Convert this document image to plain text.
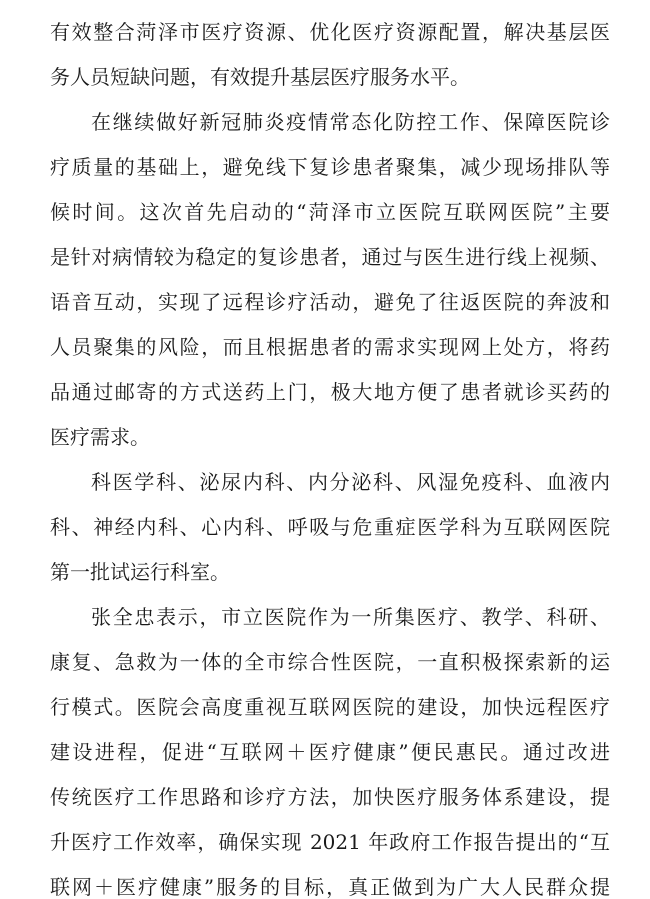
有效整合菏泽市医疗资源、优化医疗资源配置，解决基层医
务人员短缺问题，有效提升基层医疗服务水平。
在继续做好新冠肺炎疫情常态化防控工作、保障医院诊
疗质量的基础上，避免线下复诊患者聚集，减少现场排队等
候时间。这次首先启动的“菏泽市立医院互联网医院”主要
是针对病情较为稳定的复诊患者，通过与医生进行线上视频、
语音互动，实现了远程诊疗活动，避免了往返医院的奔波和
人员聚集的风险，而且根据患者的需求实现网上处方，将药
品通过邮寄的方式送药上门，极大地方便了患者就诊买药的
医疗需求。
科医学科、泌尿内科、内分泌科、风湿免疫科、血液内
科、神经内科、心内科、呼吸与危重症医学科为互联网医院
第一批试运行科室。
张全忠表示，市立医院作为一所集医疗、教学、科研、
康复、急救为一体的全市综合性医院，一直积极探索新的运
行模式。医院会高度重视互联网医院的建设，加快远程医疗
建设进程，促进“互联网＋医疗健康”便民惠民。通过改进
传统医疗工作思路和诊疗方法，加快医疗服务体系建设，提
升医疗工作效率，确保实现 2021 年政府工作报告提出的“互
联网＋医疗健康”服务的目标，真正做到为广大人民群众提
